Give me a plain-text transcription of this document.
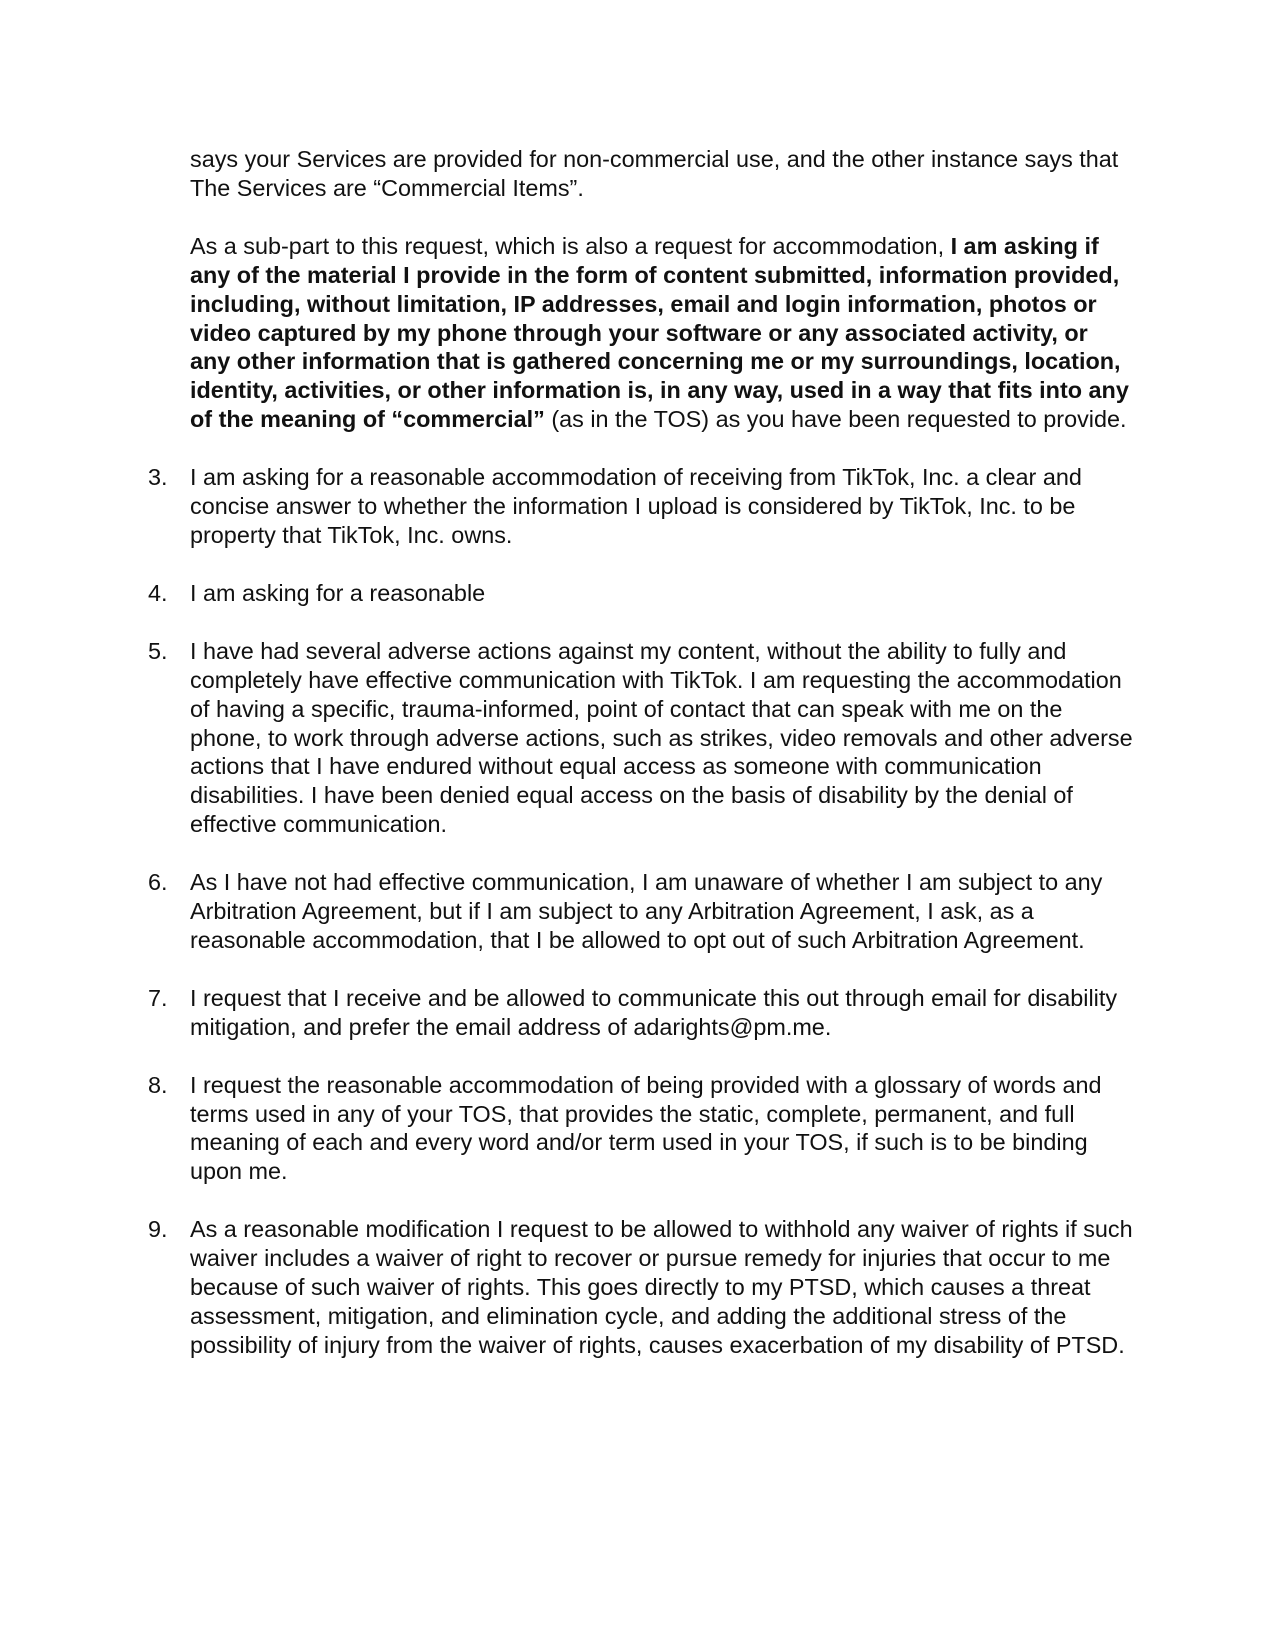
says your Services are provided for non-commercial use, and the other instance says that The Services are “Commercial Items”.

As a sub-part to this request, which is also a request for accommodation, I am asking if any of the material I provide in the form of content submitted, information provided, including, without limitation, IP addresses, email and login information, photos or video captured by my phone through your software or any associated activity, or any other information that is gathered concerning me or my surroundings, location, identity, activities, or other information is, in any way, used in a way that fits into any of the meaning of “commercial” (as in the TOS) as you have been requested to provide.

3. I am asking for a reasonable accommodation of receiving from TikTok, Inc. a clear and concise answer to whether the information I upload is considered by TikTok, Inc. to be property that TikTok, Inc. owns.
4. I am asking for a reasonable
5. I have had several adverse actions against my content, without the ability to fully and completely have effective communication with TikTok. I am requesting the accommodation of having a specific, trauma-informed, point of contact that can speak with me on the phone, to work through adverse actions, such as strikes, video removals and other adverse actions that I have endured without equal access as someone with communication disabilities. I have been denied equal access on the basis of disability by the denial of effective communication.
6. As I have not had effective communication, I am unaware of whether I am subject to any Arbitration Agreement, but if I am subject to any Arbitration Agreement, I ask, as a reasonable accommodation, that I be allowed to opt out of such Arbitration Agreement.
7. I request that I receive and be allowed to communicate this out through email for disability mitigation, and prefer the email address of adarights@pm.me.
8. I request the reasonable accommodation of being provided with a glossary of words and terms used in any of your TOS, that provides the static, complete, permanent, and full meaning of each and every word and/or term used in your TOS, if such is to be binding upon me.
9. As a reasonable modification I request to be allowed to withhold any waiver of rights if such waiver includes a waiver of right to recover or pursue remedy for injuries that occur to me because of such waiver of rights. This goes directly to my PTSD, which causes a threat assessment, mitigation, and elimination cycle, and adding the additional stress of the possibility of injury from the waiver of rights, causes exacerbation of my disability of PTSD.
